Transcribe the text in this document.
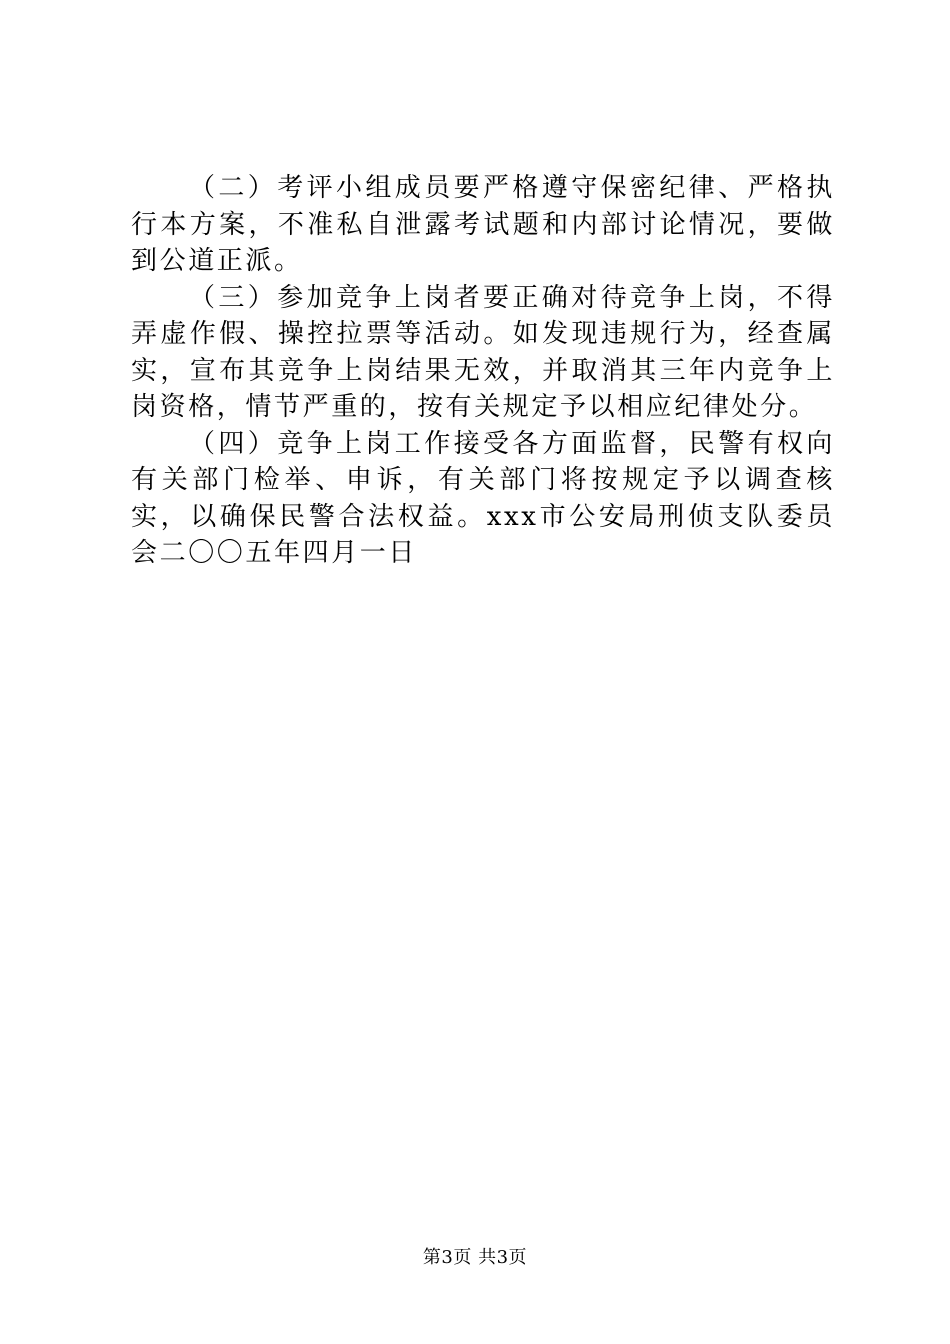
（二）考评小组成员要严格遵守保密纪律、严格执行本方案，不准私自泄露考试题和内部讨论情况，要做到公道正派。

（三）参加竞争上岗者要正确对待竞争上岗，不得弄虚作假、操控拉票等活动。如发现违规行为，经查属实，宣布其竞争上岗结果无效，并取消其三年内竞争上岗资格，情节严重的，按有关规定予以相应纪律处分。

（四）竞争上岗工作接受各方面监督，民警有权向有关部门检举、申诉，有关部门将按规定予以调查核实，以确保民警合法权益。xxx市公安局刑侦支队委员会二〇〇五年四月一日

第3页 共3页
